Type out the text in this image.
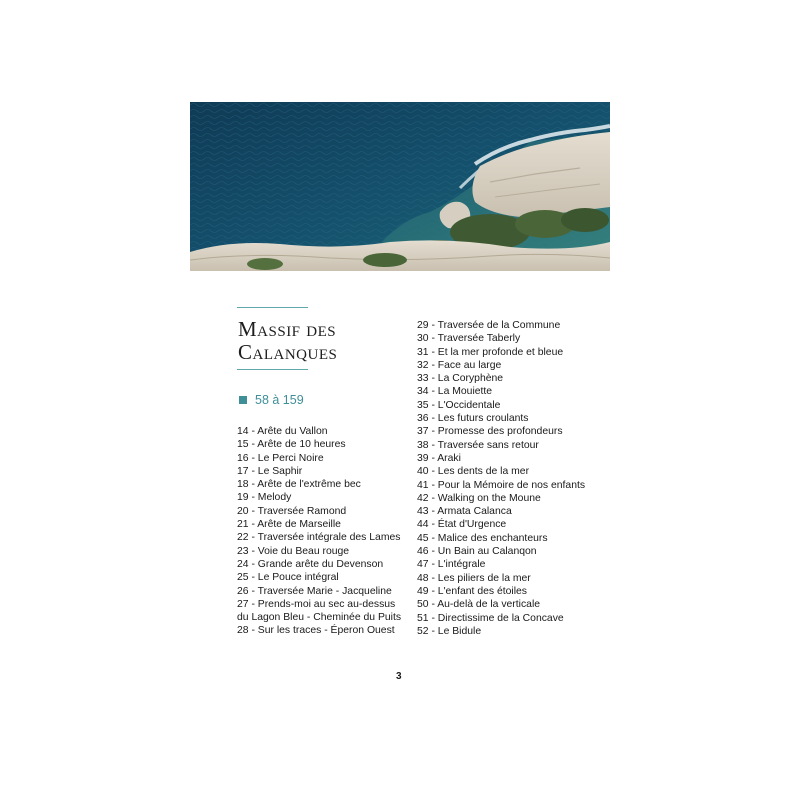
Massif des
Calanques
58 à 159
14 - Arête du Vallon
15 - Arête de 10 heures
16 - Le Perci Noire
17 - Le Saphir
18 - Arête de l'extrême bec
19 - Melody
20 - Traversée Ramond
21 - Arête de Marseille
22 - Traversée intégrale des Lames
23 - Voie du Beau rouge
24 - Grande arête du Devenson
25 - Le Pouce intégral
26 - Traversée Marie - Jacqueline
27 - Prends-moi au sec au-dessus
du Lagon Bleu - Cheminée du Puits
28 - Sur les traces - Éperon Ouest
29 - Traversée de la Commune
30 - Traversée Taberly
31 - Et la mer profonde et bleue
32 - Face au large
33 - La Coryphène
34 - La Mouiette
35 - L'Occidentale
36 - Les futurs croulants
37 - Promesse des profondeurs
38 - Traversée sans retour
39 - Araki
40 - Les dents de la mer
41 - Pour la Mémoire de nos enfants
42 - Walking on the Moune
43 - Armata Calanca
44 - État d'Urgence
45 - Malice des enchanteurs
46 - Un Bain au Calanqon
47 - L'intégrale
48 - Les piliers de la mer
49 - L'enfant des étoiles
50 - Au-delà de la verticale
51 - Directissime de la Concave
52 - Le Bidule
3
